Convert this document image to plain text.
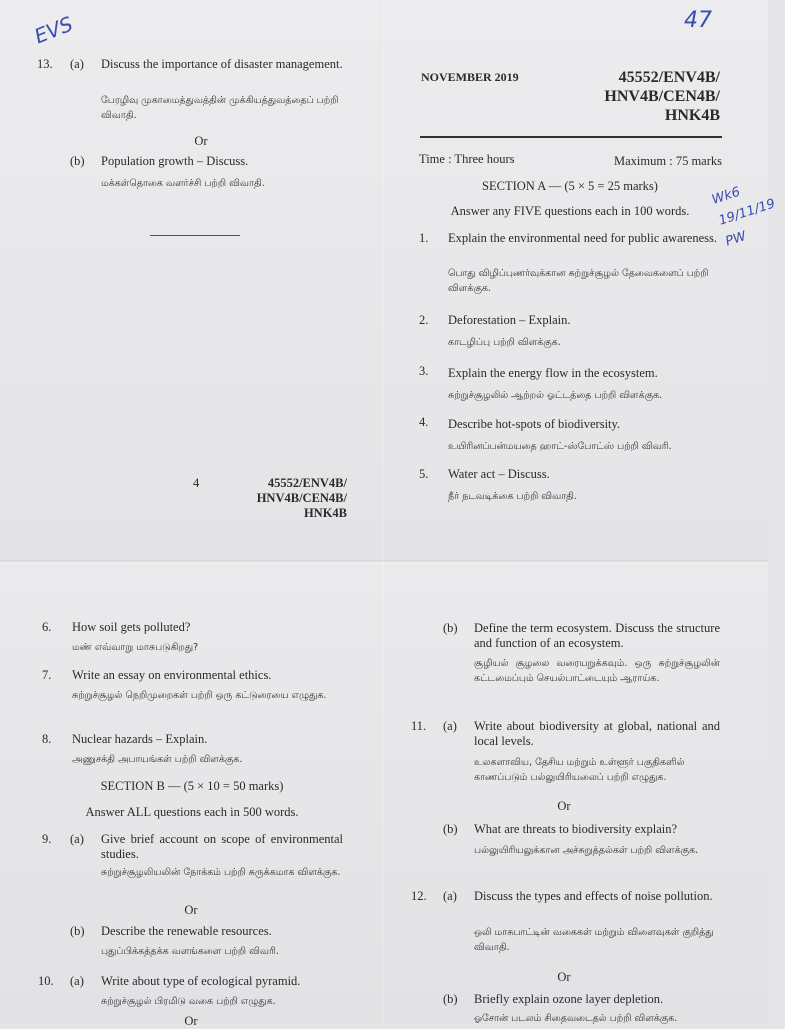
EVS	47
Wk6
19/11/19
PW
13. (a) Discuss the importance of disaster management.
பேரழிவு முகாமைத்துவத்தின் முக்கியத்துவத்தைப் பற்றி விவாதி.
Or
(b) Population growth – Discuss.
மக்கள்தொகை வளர்ச்சி பற்றி விவாதி.
4	45552/ENV4B/
HNV4B/CEN4B/
HNK4B
NOVEMBER 2019	45552/ENV4B/
HNV4B/CEN4B/
HNK4B
Time : Three hours	Maximum : 75 marks
SECTION A — (5 × 5 = 25 marks)
Answer any FIVE questions each in 100 words.
1. Explain the environmental need for public awareness.
பொது விழிப்புணர்வுக்கான சுற்றுச்சூழல் தேவைகளைப் பற்றி விளக்குக.
2. Deforestation – Explain.
காடழிப்பு பற்றி விளக்குக.
3. Explain the energy flow in the ecosystem.
சுற்றுச்சூழலில் ஆற்றல் ஓட்டத்தை பற்றி விளக்குக.
4. Describe hot-spots of biodiversity.
உயிரினப்பன்மயதை ஹாட்-ஸ்போட்ஸ் பற்றி விவரி.
5. Water act – Discuss.
நீர் நடவடிக்கை பற்றி விவாதி.
6. How soil gets polluted?
மண் எவ்வாறு மாசுபடுகிறது?
7. Write an essay on environmental ethics.
சுற்றுச்சூழல் நெறிமுறைகள் பற்றி ஒரு கட்டுரையை எழுதுக.
8. Nuclear hazards – Explain.
அணுசக்தி அபாயங்கள் பற்றி விளக்குக.
SECTION B — (5 × 10 = 50 marks)
Answer ALL questions each in 500 words.
9. (a) Give brief account on scope of environmental studies.
சுற்றுச்சூழலியலின் நோக்கம் பற்றி சுருக்கமாக விளக்குக.
Or
(b) Describe the renewable resources.
புதுப்பிக்கத்தக்க வளங்களை பற்றி விவரி.
10. (a) Write about type of ecological pyramid.
சுற்றுச்சூழல் பிரமிடு வகை பற்றி எழுதுக.
Or
(b) Define the term ecosystem. Discuss the structure and function of an ecosystem.
சூழியல் சூழலை வரையறுக்கவும். ஒரு சுற்றுச்சூழலின் கட்டமைப்பும் செயல்பாட்டையும் ஆராய்க.
11. (a) Write about biodiversity at global, national and local levels.
உலகளாவிய, தேசிய மற்றும் உள்ளூர் பகுதிகளில் காணப்படும் பல்லுயிரியலைப் பற்றி எழுதுக.
Or
(b) What are threats to biodiversity explain?
பல்லுயிரியலுக்கான அச்சுறுத்தல்கள் பற்றி விளக்குக.
12. (a) Discuss the types and effects of noise pollution.
ஒலி மாசுபாட்டின் வகைகள் மற்றும் விளைவுகள் குறித்து விவாதி.
Or
(b) Briefly explain ozone layer depletion.
ஓசோன் படலம் சிதைவடைதல் பற்றி விளக்குக.
